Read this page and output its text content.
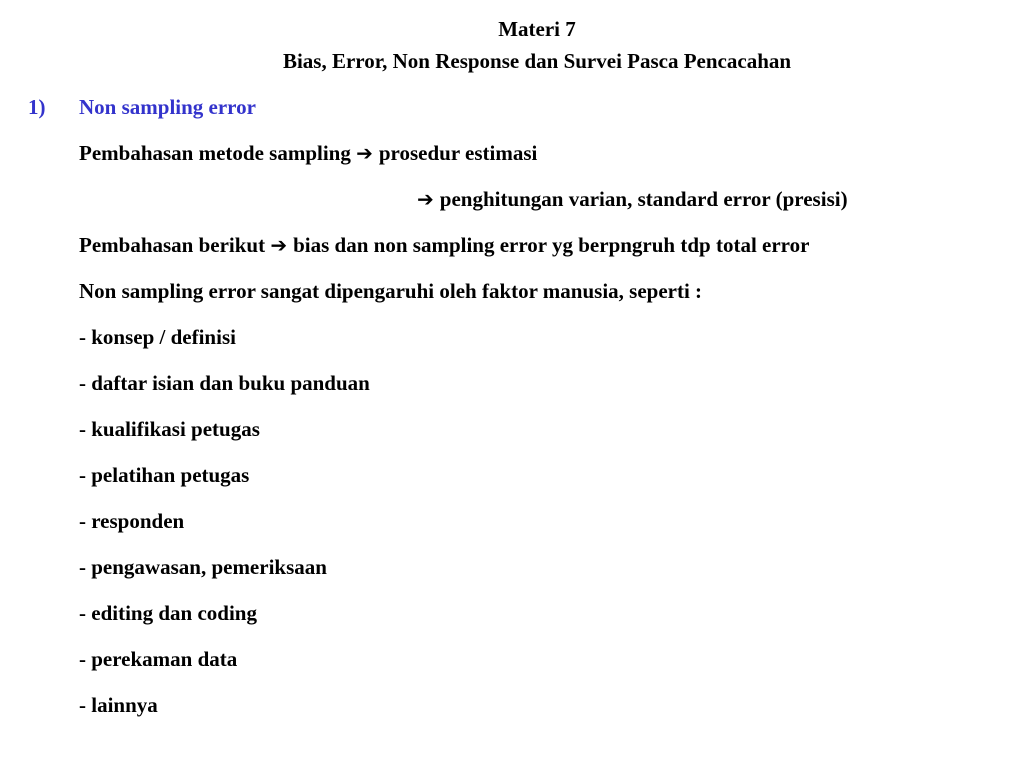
Materi 7
Bias, Error, Non Response dan Survei Pasca Pencacahan
1) Non sampling error
Pembahasan metode sampling ➔ prosedur estimasi
➔ penghitungan varian, standard error (presisi)
Pembahasan berikut ➔ bias dan non sampling error yg berpngruh tdp total error
Non sampling error sangat dipengaruhi oleh faktor manusia, seperti :
- konsep / definisi
- daftar isian dan buku panduan
- kualifikasi petugas
- pelatihan petugas
- responden
- pengawasan, pemeriksaan
- editing dan coding
- perekaman data
- lainnya
